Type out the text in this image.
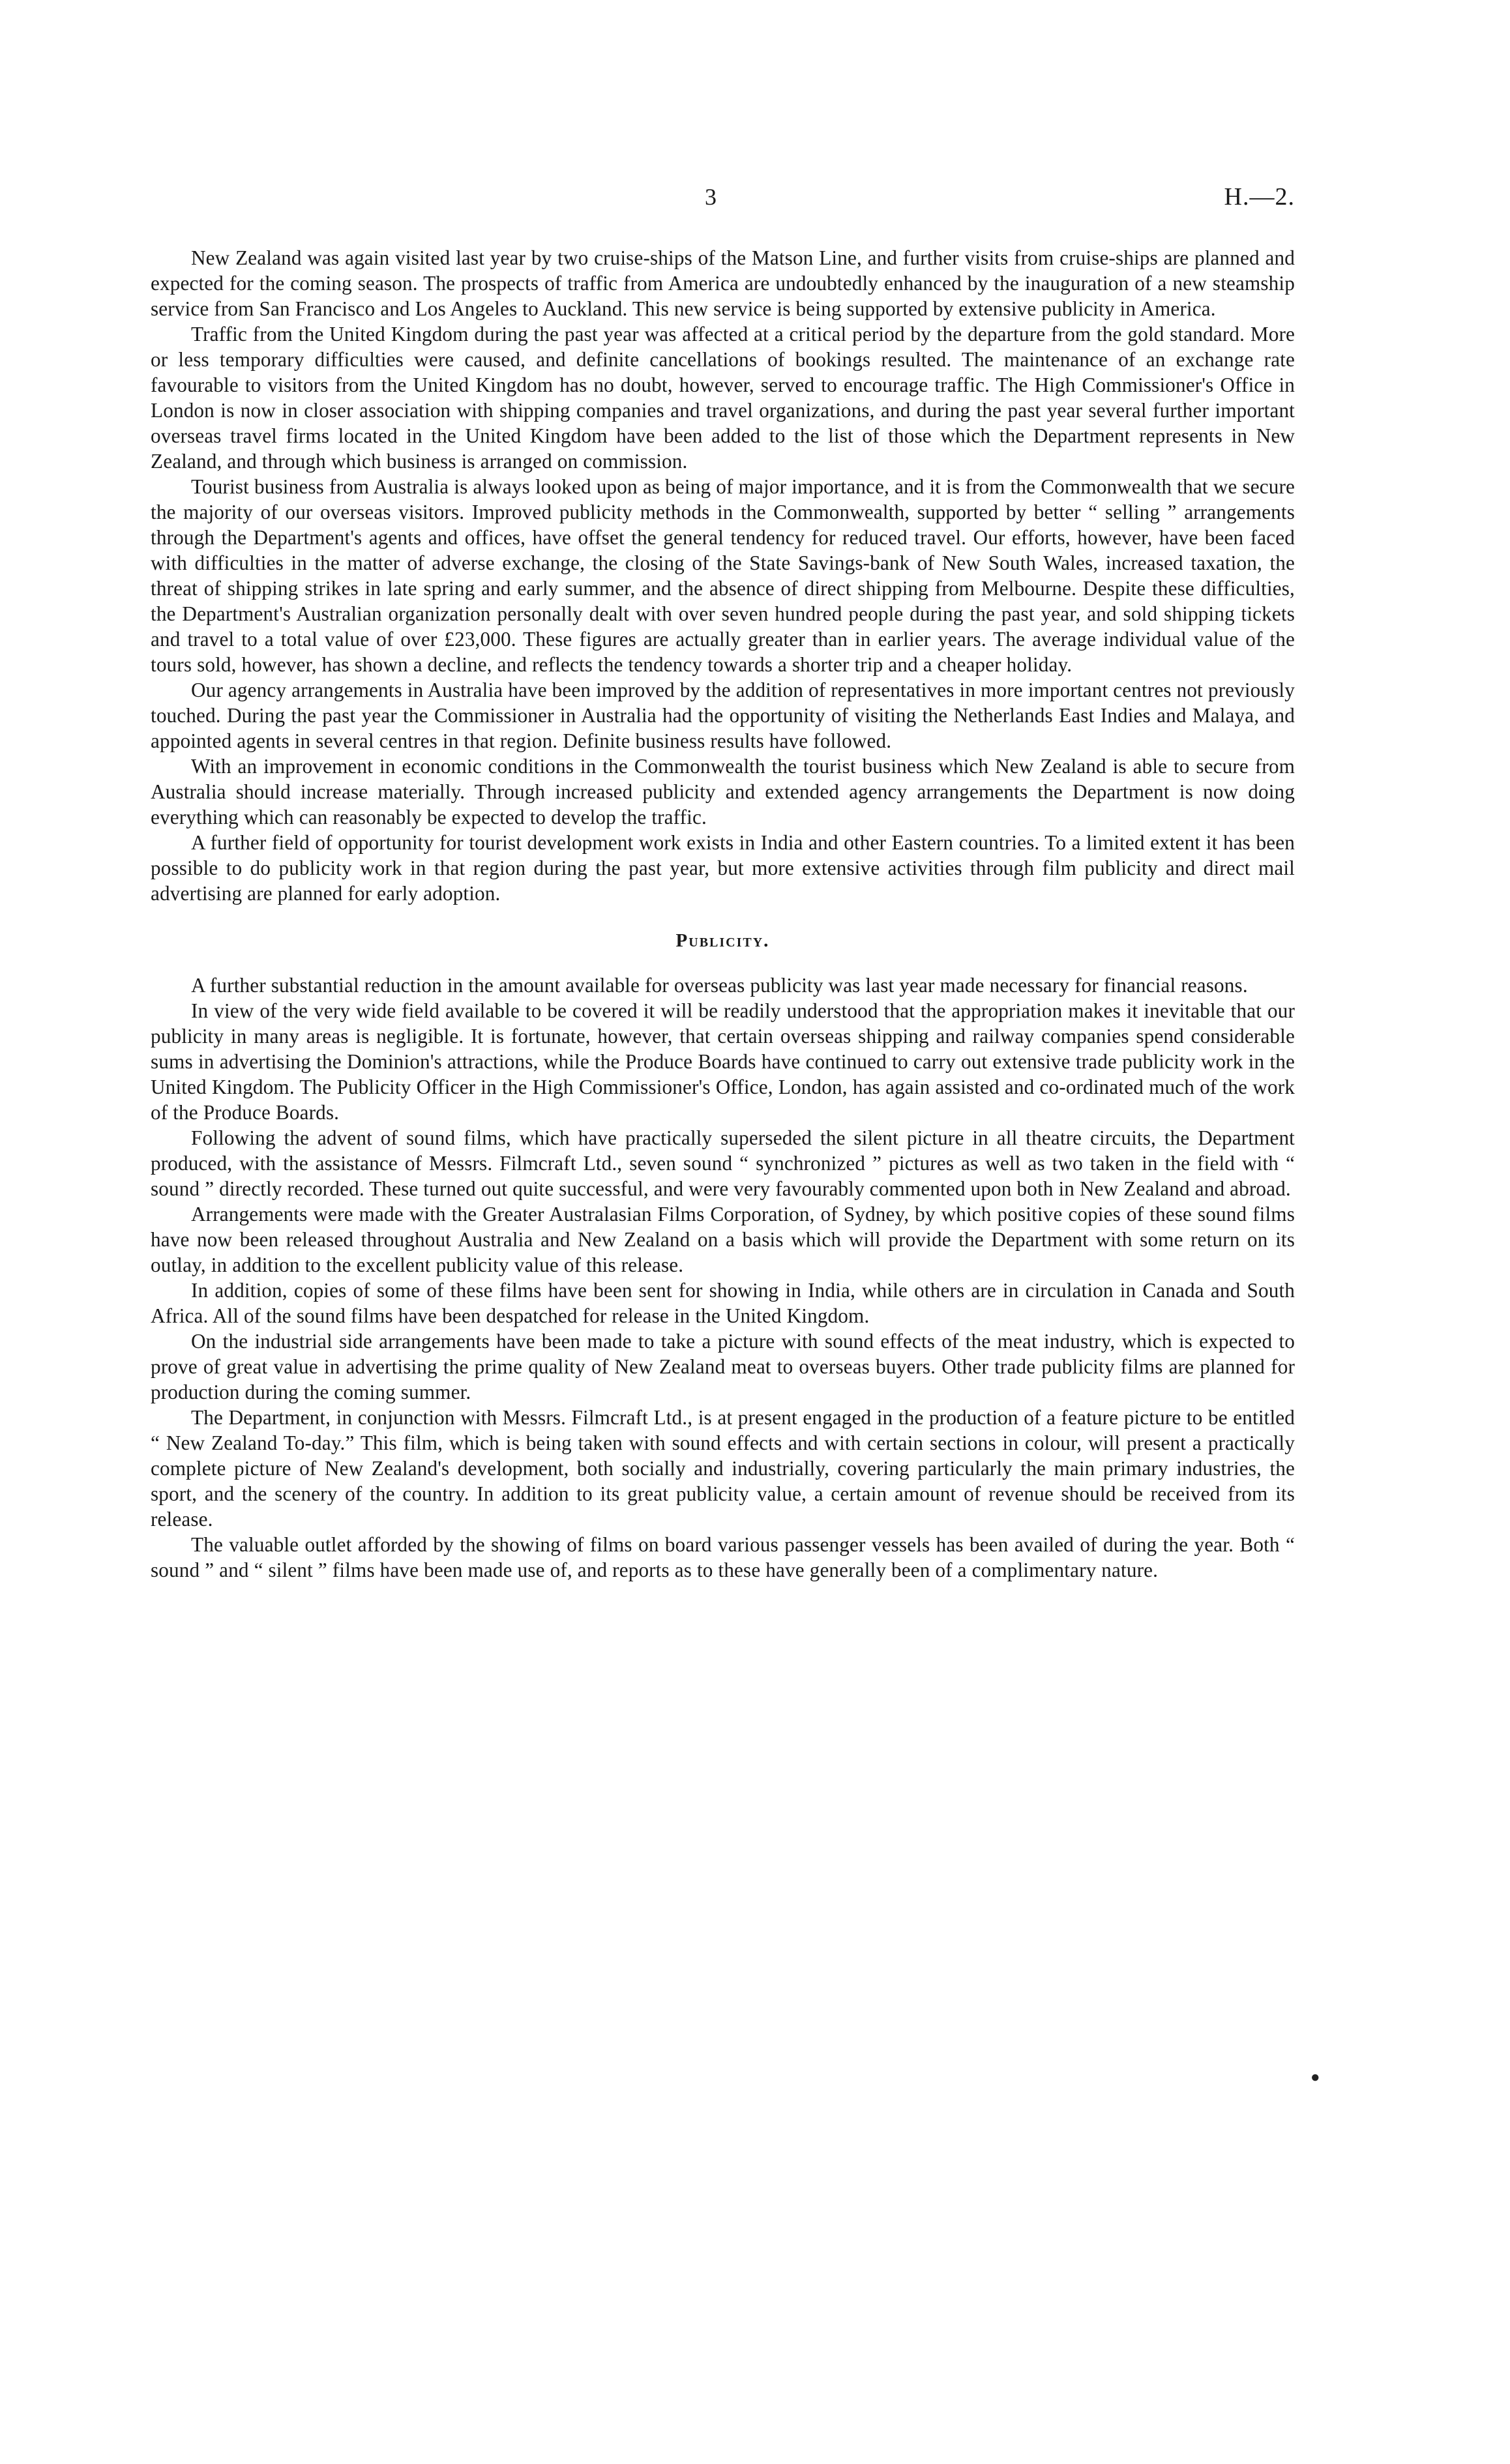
3	H.—2.

New Zealand was again visited last year by two cruise-ships of the Matson Line, and further visits from cruise-ships are planned and expected for the coming season. The prospects of traffic from America are undoubtedly enhanced by the inauguration of a new steamship service from San Francisco and Los Angeles to Auckland. This new service is being supported by extensive publicity in America.

Traffic from the United Kingdom during the past year was affected at a critical period by the departure from the gold standard. More or less temporary difficulties were caused, and definite cancellations of bookings resulted. The maintenance of an exchange rate favourable to visitors from the United Kingdom has no doubt, however, served to encourage traffic. The High Commissioner's Office in London is now in closer association with shipping companies and travel organizations, and during the past year several further important overseas travel firms located in the United Kingdom have been added to the list of those which the Department represents in New Zealand, and through which business is arranged on commission.

Tourist business from Australia is always looked upon as being of major importance, and it is from the Commonwealth that we secure the majority of our overseas visitors. Improved publicity methods in the Commonwealth, supported by better “ selling ” arrangements through the Department's agents and offices, have offset the general tendency for reduced travel. Our efforts, however, have been faced with difficulties in the matter of adverse exchange, the closing of the State Savings-bank of New South Wales, increased taxation, the threat of shipping strikes in late spring and early summer, and the absence of direct shipping from Melbourne. Despite these difficulties, the Department's Australian organization personally dealt with over seven hundred people during the past year, and sold shipping tickets and travel to a total value of over £23,000. These figures are actually greater than in earlier years. The average individual value of the tours sold, however, has shown a decline, and reflects the tendency towards a shorter trip and a cheaper holiday.

Our agency arrangements in Australia have been improved by the addition of representatives in more important centres not previously touched. During the past year the Commissioner in Australia had the opportunity of visiting the Netherlands East Indies and Malaya, and appointed agents in several centres in that region. Definite business results have followed.

With an improvement in economic conditions in the Commonwealth the tourist business which New Zealand is able to secure from Australia should increase materially. Through increased publicity and extended agency arrangements the Department is now doing everything which can reasonably be expected to develop the traffic.

A further field of opportunity for tourist development work exists in India and other Eastern countries. To a limited extent it has been possible to do publicity work in that region during the past year, but more extensive activities through film publicity and direct mail advertising are planned for early adoption.

Publicity.

A further substantial reduction in the amount available for overseas publicity was last year made necessary for financial reasons.

In view of the very wide field available to be covered it will be readily understood that the appropriation makes it inevitable that our publicity in many areas is negligible. It is fortunate, however, that certain overseas shipping and railway companies spend considerable sums in advertising the Dominion's attractions, while the Produce Boards have continued to carry out extensive trade publicity work in the United Kingdom. The Publicity Officer in the High Commissioner's Office, London, has again assisted and co-ordinated much of the work of the Produce Boards.

Following the advent of sound films, which have practically superseded the silent picture in all theatre circuits, the Department produced, with the assistance of Messrs. Filmcraft Ltd., seven sound “ synchronized ” pictures as well as two taken in the field with “ sound ” directly recorded. These turned out quite successful, and were very favourably commented upon both in New Zealand and abroad.

Arrangements were made with the Greater Australasian Films Corporation, of Sydney, by which positive copies of these sound films have now been released throughout Australia and New Zealand on a basis which will provide the Department with some return on its outlay, in addition to the excellent publicity value of this release.

In addition, copies of some of these films have been sent for showing in India, while others are in circulation in Canada and South Africa. All of the sound films have been despatched for release in the United Kingdom.

On the industrial side arrangements have been made to take a picture with sound effects of the meat industry, which is expected to prove of great value in advertising the prime quality of New Zealand meat to overseas buyers. Other trade publicity films are planned for production during the coming summer.

The Department, in conjunction with Messrs. Filmcraft Ltd., is at present engaged in the production of a feature picture to be entitled “ New Zealand To-day.” This film, which is being taken with sound effects and with certain sections in colour, will present a practically complete picture of New Zealand's development, both socially and industrially, covering particularly the main primary industries, the sport, and the scenery of the country. In addition to its great publicity value, a certain amount of revenue should be received from its release.

The valuable outlet afforded by the showing of films on board various passenger vessels has been availed of during the year. Both “ sound ” and “ silent ” films have been made use of, and reports as to these have generally been of a complimentary nature.

●
